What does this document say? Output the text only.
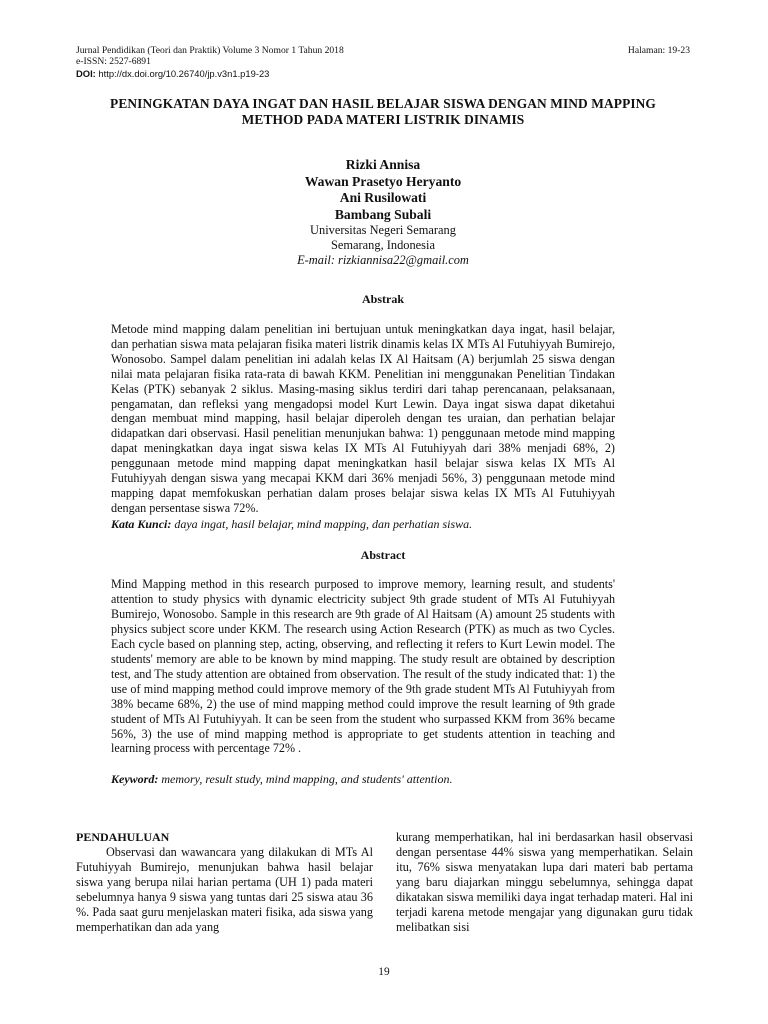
Jurnal Pendidikan (Teori dan Praktik) Volume 3 Nomor 1 Tahun 2018	Halaman: 19-23
e-ISSN: 2527-6891
DOI: http://dx.doi.org/10.26740/jp.v3n1.p19-23
PENINGKATAN DAYA INGAT DAN HASIL BELAJAR SISWA DENGAN MIND MAPPING
METHOD PADA MATERI LISTRIK DINAMIS
Rizki Annisa
Wawan Prasetyo Heryanto
Ani Rusilowati
Bambang Subali
Universitas Negeri Semarang
Semarang, Indonesia
E-mail: rizkiannisa22@gmail.com
Abstrak

Metode mind mapping dalam penelitian ini bertujuan untuk meningkatkan daya ingat, hasil belajar, dan perhatian siswa mata pelajaran fisika materi listrik dinamis kelas IX MTs Al Futuhiyyah Bumirejo, Wonosobo. Sampel dalam penelitian ini adalah kelas IX Al Haitsam (A) berjumlah 25 siswa dengan nilai mata pelajaran fisika rata-rata di bawah KKM. Penelitian ini menggunakan Penelitian Tindakan Kelas (PTK) sebanyak 2 siklus. Masing-masing siklus terdiri dari tahap perencanaan, pelaksanaan, pengamatan, dan refleksi yang mengadopsi model Kurt Lewin. Daya ingat siswa dapat diketahui dengan membuat mind mapping, hasil belajar diperoleh dengan tes uraian, dan perhatian belajar didapatkan dari observasi. Hasil penelitian menunjukan bahwa: 1) penggunaan metode mind mapping dapat meningkatkan daya ingat siswa kelas IX MTs Al Futuhiyyah dari 38% menjadi 68%, 2) penggunaan metode mind mapping dapat meningkatkan hasil belajar siswa kelas IX MTs Al Futuhiyyah dengan siswa yang mecapai KKM dari 36% menjadi 56%, 3) penggunaan metode mind mapping dapat memfokuskan perhatian dalam proses belajar siswa kelas IX MTs Al Futuhiyyah dengan persentase siswa 72%.

Kata Kunci: daya ingat, hasil belajar, mind mapping, dan perhatian siswa.
Abstract

Mind Mapping method in this research purposed to improve memory, learning result, and students' attention to study physics with dynamic electricity subject 9th grade student of MTs Al Futuhiyyah Bumirejo, Wonosobo. Sample in this research are 9th grade of Al Haitsam (A) amount 25 students with physics subject score under KKM. The research using Action Research (PTK) as much as two Cycles. Each cycle based on planning step, acting, observing, and reflecting it refers to Kurt Lewin model. The students' memory are able to be known by mind mapping. The study result are obtained by description test, and The study attention are obtained from observation. The result of the study indicated that: 1) the use of mind mapping method could improve memory of the 9th grade student MTs Al Futuhiyyah from 38% became 68%, 2) the use of mind mapping method could improve the result learning of 9th grade student of MTs Al Futuhiyyah. It can be seen from the student who surpassed KKM from 36% became 56%, 3) the use of mind mapping method is appropriate to get students attention in teaching and learning process with percentage 72% .

Keyword: memory, result study, mind mapping, and students' attention.
PENDAHULUAN

Observasi dan wawancara yang dilakukan di MTs Al Futuhiyyah Bumirejo, menunjukan bahwa hasil belajar siswa yang berupa nilai harian pertama (UH 1) pada materi sebelumnya hanya 9 siswa yang tuntas dari 25 siswa atau 36 %. Pada saat guru menjelaskan materi fisika, ada siswa yang memperhatikan dan ada yang

kurang memperhatikan, hal ini berdasarkan hasil observasi dengan persentase 44% siswa yang memperhatikan. Selain itu, 76% siswa menyatakan lupa dari materi bab pertama yang baru diajarkan minggu sebelumnya, sehingga dapat dikatakan siswa memiliki daya ingat terhadap materi. Hal ini terjadi karena metode mengajar yang digunakan guru tidak melibatkan sisi

19
